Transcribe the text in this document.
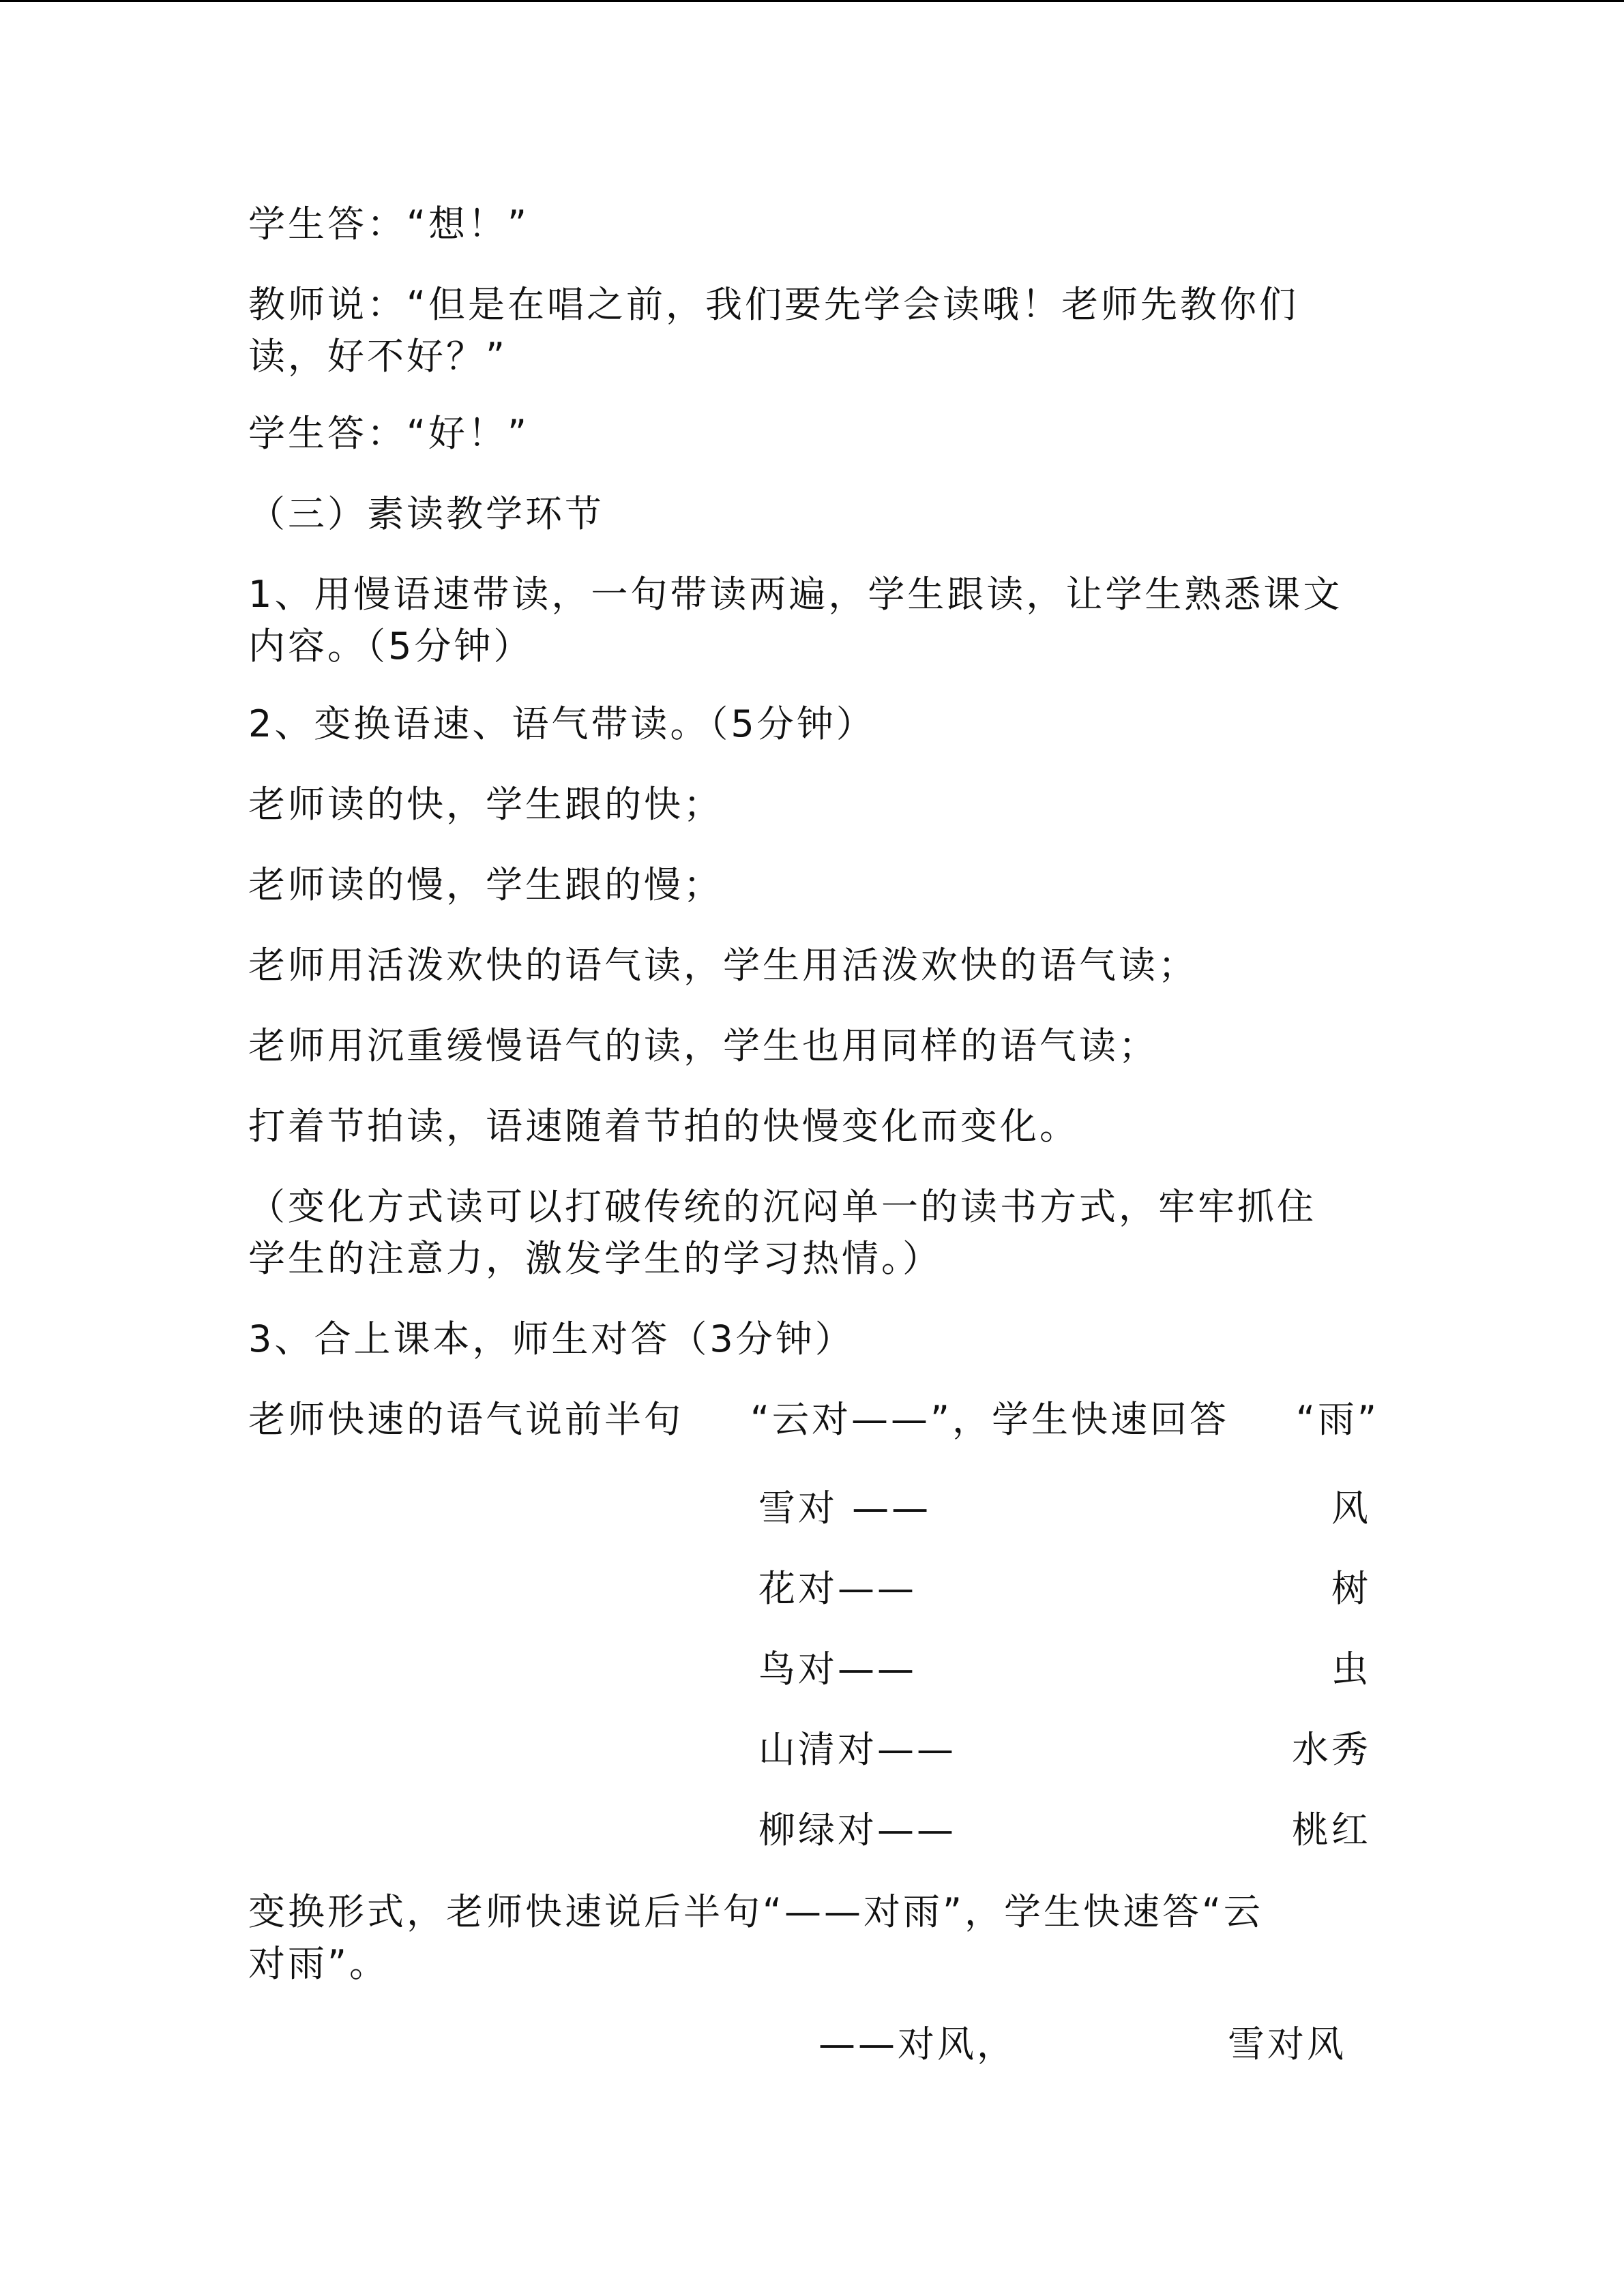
学生答：“想！”
教师说：“但是在唱之前，我们要先学会读哦！老师先教你们
读，好不好？”
学生答：“好！”
（三）素读教学环节
1、用慢语速带读，一句带读两遍，学生跟读，让学生熟悉课文
内容。（5分钟）
2、变换语速、语气带读。（5分钟）
老师读的快，学生跟的快；
老师读的慢，学生跟的慢；
老师用活泼欢快的语气读，学生用活泼欢快的语气读；
老师用沉重缓慢语气的读，学生也用同样的语气读；
打着节拍读，语速随着节拍的快慢变化而变化。
（变化方式读可以打破传统的沉闷单一的读书方式，牢牢抓住
学生的注意力，激发学生的学习热情。）
3、合上课本，师生对答（3分钟）
老师快速的语气说前半句 “云对——”，学生快速回答 “雨”
雪对 ——	风
花对——	树
鸟对——	虫
山清对——	水秀
柳绿对——	桃红
变换形式，老师快速说后半句“——对雨”，学生快速答“云
对雨”。
——对风，	雪对风
